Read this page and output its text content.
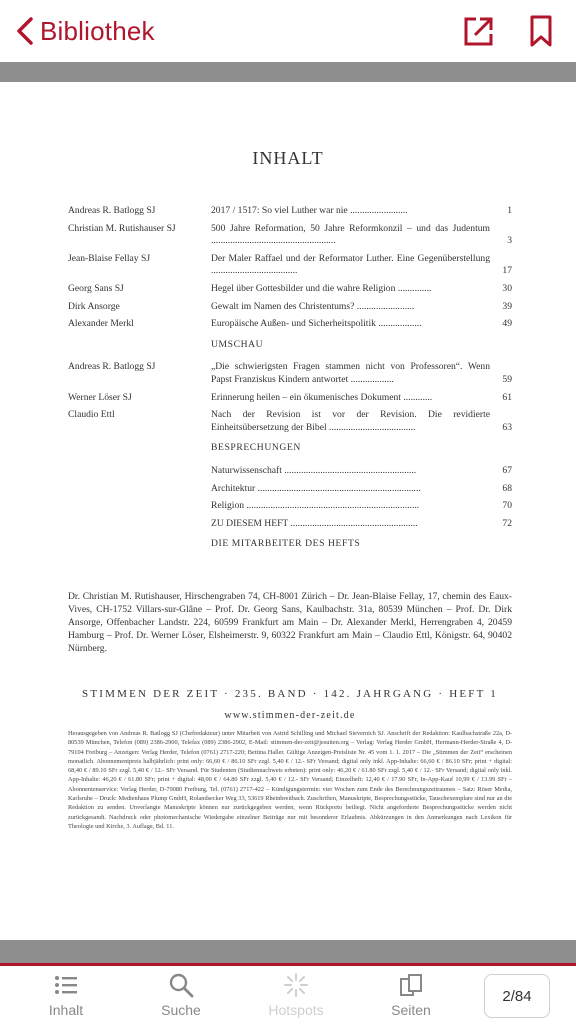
Bibliothek
INHALT
Andreas R. Batlogg SJ	2017 / 1517: So viel Luther war nie ........................	1
Christian M. Rutishauser SJ	500 Jahre Reformation, 50 Jahre Reformkonzil – und das Judentum ....................................................	3
Jean-Blaise Fellay SJ	Der Maler Raffael und der Reformator Luther. Eine Gegenüberstellung ....................................	17
Georg Sans SJ	Hegel über Gottesbilder und die wahre Religion ..............	30
Dirk Ansorge	Gewalt im Namen des Christentums? ........................	39
Alexander Merkl	Europäische Außen- und Sicherheitspolitik ..................	49
UMSCHAU
Andreas R. Batlogg SJ	„Die schwierigsten Fragen stammen nicht von Professoren“. Wenn Papst Franziskus Kindern antwortet ..................	59
Werner Löser SJ	Erinnerung heilen – ein ökumenisches Dokument ............	61
Claudio Ettl	Nach der Revision ist vor der Revision. Die revidierte Einheitsübersetzung der Bibel ....................................	63
BESPRECHUNGEN
Naturwissenschaft .......................................................	67
Architektur ....................................................................	68
Religion ........................................................................	70
ZU DIESEM HEFT .....................................................	72
DIE MITARBEITER DES HEFTS
Dr. Christian M. Rutishauser, Hirschengraben 74, CH-8001 Zürich – Dr. Jean-Blaise Fellay, 17, chemin des Eaux-Vives, CH-1752 Villars-sur-Glâne – Prof. Dr. Georg Sans, Kaulbachstr. 31a, 80539 München – Prof. Dr. Dirk Ansorge, Offenbacher Landstr. 224, 60599 Frankfurt am Main – Dr. Alexander Merkl, Herrengraben 4, 20459 Hamburg – Prof. Dr. Werner Löser, Elsheimerstr. 9, 60322 Frankfurt am Main – Claudio Ettl, Königstr. 64, 90402 Nürnberg.
STIMMEN DER ZEIT · 235. BAND · 142. JAHRGANG · HEFT 1
www.stimmen-der-zeit.de
Herausgegeben von Andreas R. Batlogg SJ (Chefredakteur) unter Mitarbeit von Astrid Schilling und Michael Sievernich SJ. Anschrift der Redaktion: Kaulbachstraße 22a, D-80539 München, Telefon (089) 2386-2900, Telefax (089) 2386-2902, E-Mail: stimmen-der-zeit@jesuiten.org – Verlag: Verlag Herder GmbH, Hermann-Herder-Straße 4, D-79104 Freiburg – Anzeigen: Verlag Herder, Telefon (0761) 2717-220; Bettina Haller. Gültige Anzeigen-Preisliste Nr. 45 vom 1. 1. 2017 – Die „Stimmen der Zeit“ erscheinen monatlich. Abonnementpreis halbjährlich: print only: 66,60 € / 86.10 SFr zzgl. 5,40 € / 12.- SFr Versand; digital only inkl. App-Inhalte: 66,60 € / 86.10 SFr; print + digital: 68,40 € / 89.10 SFr zzgl. 5,40 € / 12.- SFr Versand. Für Studenten (Studiennachweis erbeten): print only: 46,20 € / 61.80 SFr zzgl. 5,40 € / 12.- SFr Versand; digital only inkl. App-Inhalte: 46,20 € / 61.80 SFr; print + digital: 48,00 € / 64.80 SFr zzgl. 5,40 € / 12.- SFr Versand; Einzelheft: 12,40 € / 17.90 SFr, In-App-Kauf 10,99 € / 13.99 SFr – Abonnentenservice: Verlag Herder, D-79080 Freiburg, Tel. (0761) 2717-422 – Kündigungstermin: vier Wochen zum Ende des Berechnungszeitraumes – Satz: Röser Media, Karlsruhe – Druck: Medienhaus Plump GmbH, Rolandsecker Weg 33, 53619 Rheinbreitbach. Zuschriften, Manuskripte, Besprechungsstücke, Tauschexemplare sind nur an die Redaktion zu senden. Unverlangte Manuskripte können nur zurückgegeben werden, wenn Rückporto beiliegt. Nicht angeforderte Besprechungsstücke werden nicht zurückgesandt. Nachdruck oder photomechanische Wiedergabe einzelner Beiträge nur mit besonderer Erlaubnis. Abkürzungen in den Anmerkungen nach Lexikon für Theologie und Kirche, 3. Auflage, Bd. 11.
Inhalt	Suche	Hotspots	Seiten
2/84
